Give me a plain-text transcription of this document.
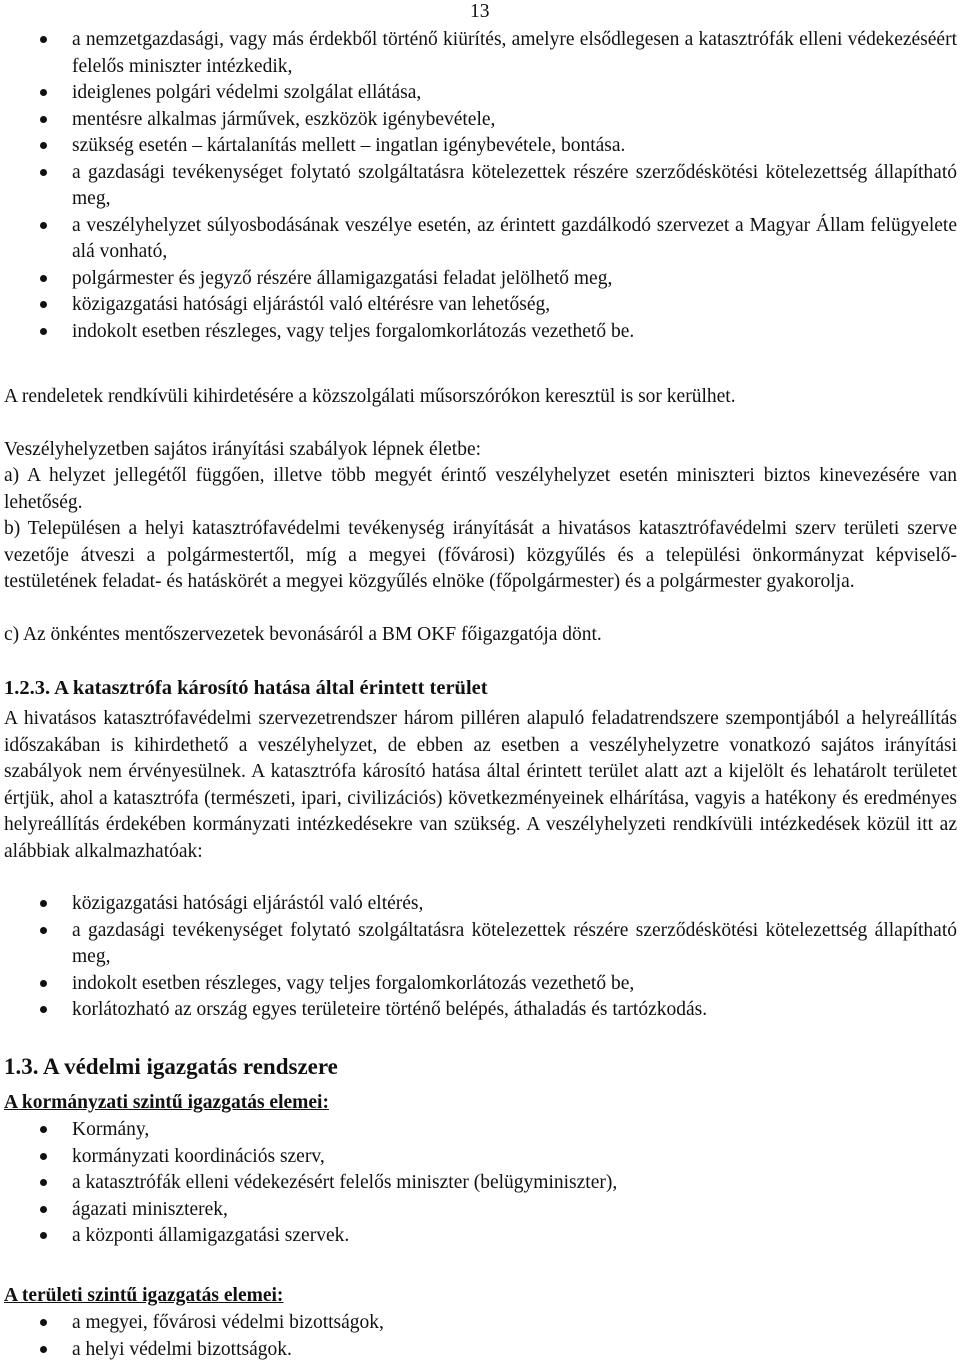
13
a nemzetgazdasági, vagy más érdekből történő kiürítés, amelyre elsődlegesen a katasztrófák elleni védekezéséért felelős miniszter intézkedik,
ideiglenes polgári védelmi szolgálat ellátása,
mentésre alkalmas járművek, eszközök igénybevétele,
szükség esetén – kártalanítás mellett – ingatlan igénybevétele, bontása.
a gazdasági tevékenységet folytató szolgáltatásra kötelezettek részére szerződéskötési kötelezettség állapítható meg,
a veszélyhelyzet súlyosbodásának veszélye esetén, az érintett gazdálkodó szervezet a Magyar Állam felügyelete alá vonható,
polgármester és jegyző részére államigazgatási feladat jelölhető meg,
közigazgatási hatósági eljárástól való eltérésre van lehetőség,
indokolt esetben részleges, vagy teljes forgalomkorlátozás vezethető be.

A rendeletek rendkívüli kihirdetésére a közszolgálati műsorszórókon keresztül is sor kerülhet.

Veszélyhelyzetben sajátos irányítási szabályok lépnek életbe:

a) A helyzet jellegétől függően, illetve több megyét érintő veszélyhelyzet esetén miniszteri biztos kinevezésére van lehetőség.

b) Településen a helyi katasztrófavédelmi tevékenység irányítását a hivatásos katasztrófavédelmi szerv területi szerve vezetője átveszi a polgármestertől, míg a megyei (fővárosi) közgyűlés és a települési önkormányzat képviselő-testületének feladat- és hatáskörét a megyei közgyűlés elnöke (főpolgármester) és a polgármester gyakorolja.

c) Az önkéntes mentőszervezetek bevonásáról a BM OKF főigazgatója dönt.

1.2.3. A katasztrófa károsító hatása által érintett terület

A hivatásos katasztrófavédelmi szervezetrendszer három pilléren alapuló feladatrendszere szempontjából a helyreállítás időszakában is kihirdethető a veszélyhelyzet, de ebben az esetben a veszélyhelyzetre vonatkozó sajátos irányítási szabályok nem érvényesülnek. A katasztrófa károsító hatása által érintett terület alatt azt a kijelölt és lehatárolt területet értjük, ahol a katasztrófa (természeti, ipari, civilizációs) következményeinek elhárítása, vagyis a hatékony és eredményes helyreállítás érdekében kormányzati intézkedésekre van szükség. A veszélyhelyzeti rendkívüli intézkedések közül itt az alábbiak alkalmazhatóak:

közigazgatási hatósági eljárástól való eltérés,
a gazdasági tevékenységet folytató szolgáltatásra kötelezettek részére szerződéskötési kötelezettség állapítható meg,
indokolt esetben részleges, vagy teljes forgalomkorlátozás vezethető be,
korlátozható az ország egyes területeire történő belépés, áthaladás és tartózkodás.
1.3. A védelmi igazgatás rendszere

A kormányzati szintű igazgatás elemei:

Kormány,
kormányzati koordinációs szerv,
a katasztrófák elleni védekezésért felelős miniszter (belügyminiszter),
ágazati miniszterek,
a központi államigazgatási szervek.

A területi szintű igazgatás elemei:

a megyei, fővárosi védelmi bizottságok,
a helyi védelmi bizottságok.
